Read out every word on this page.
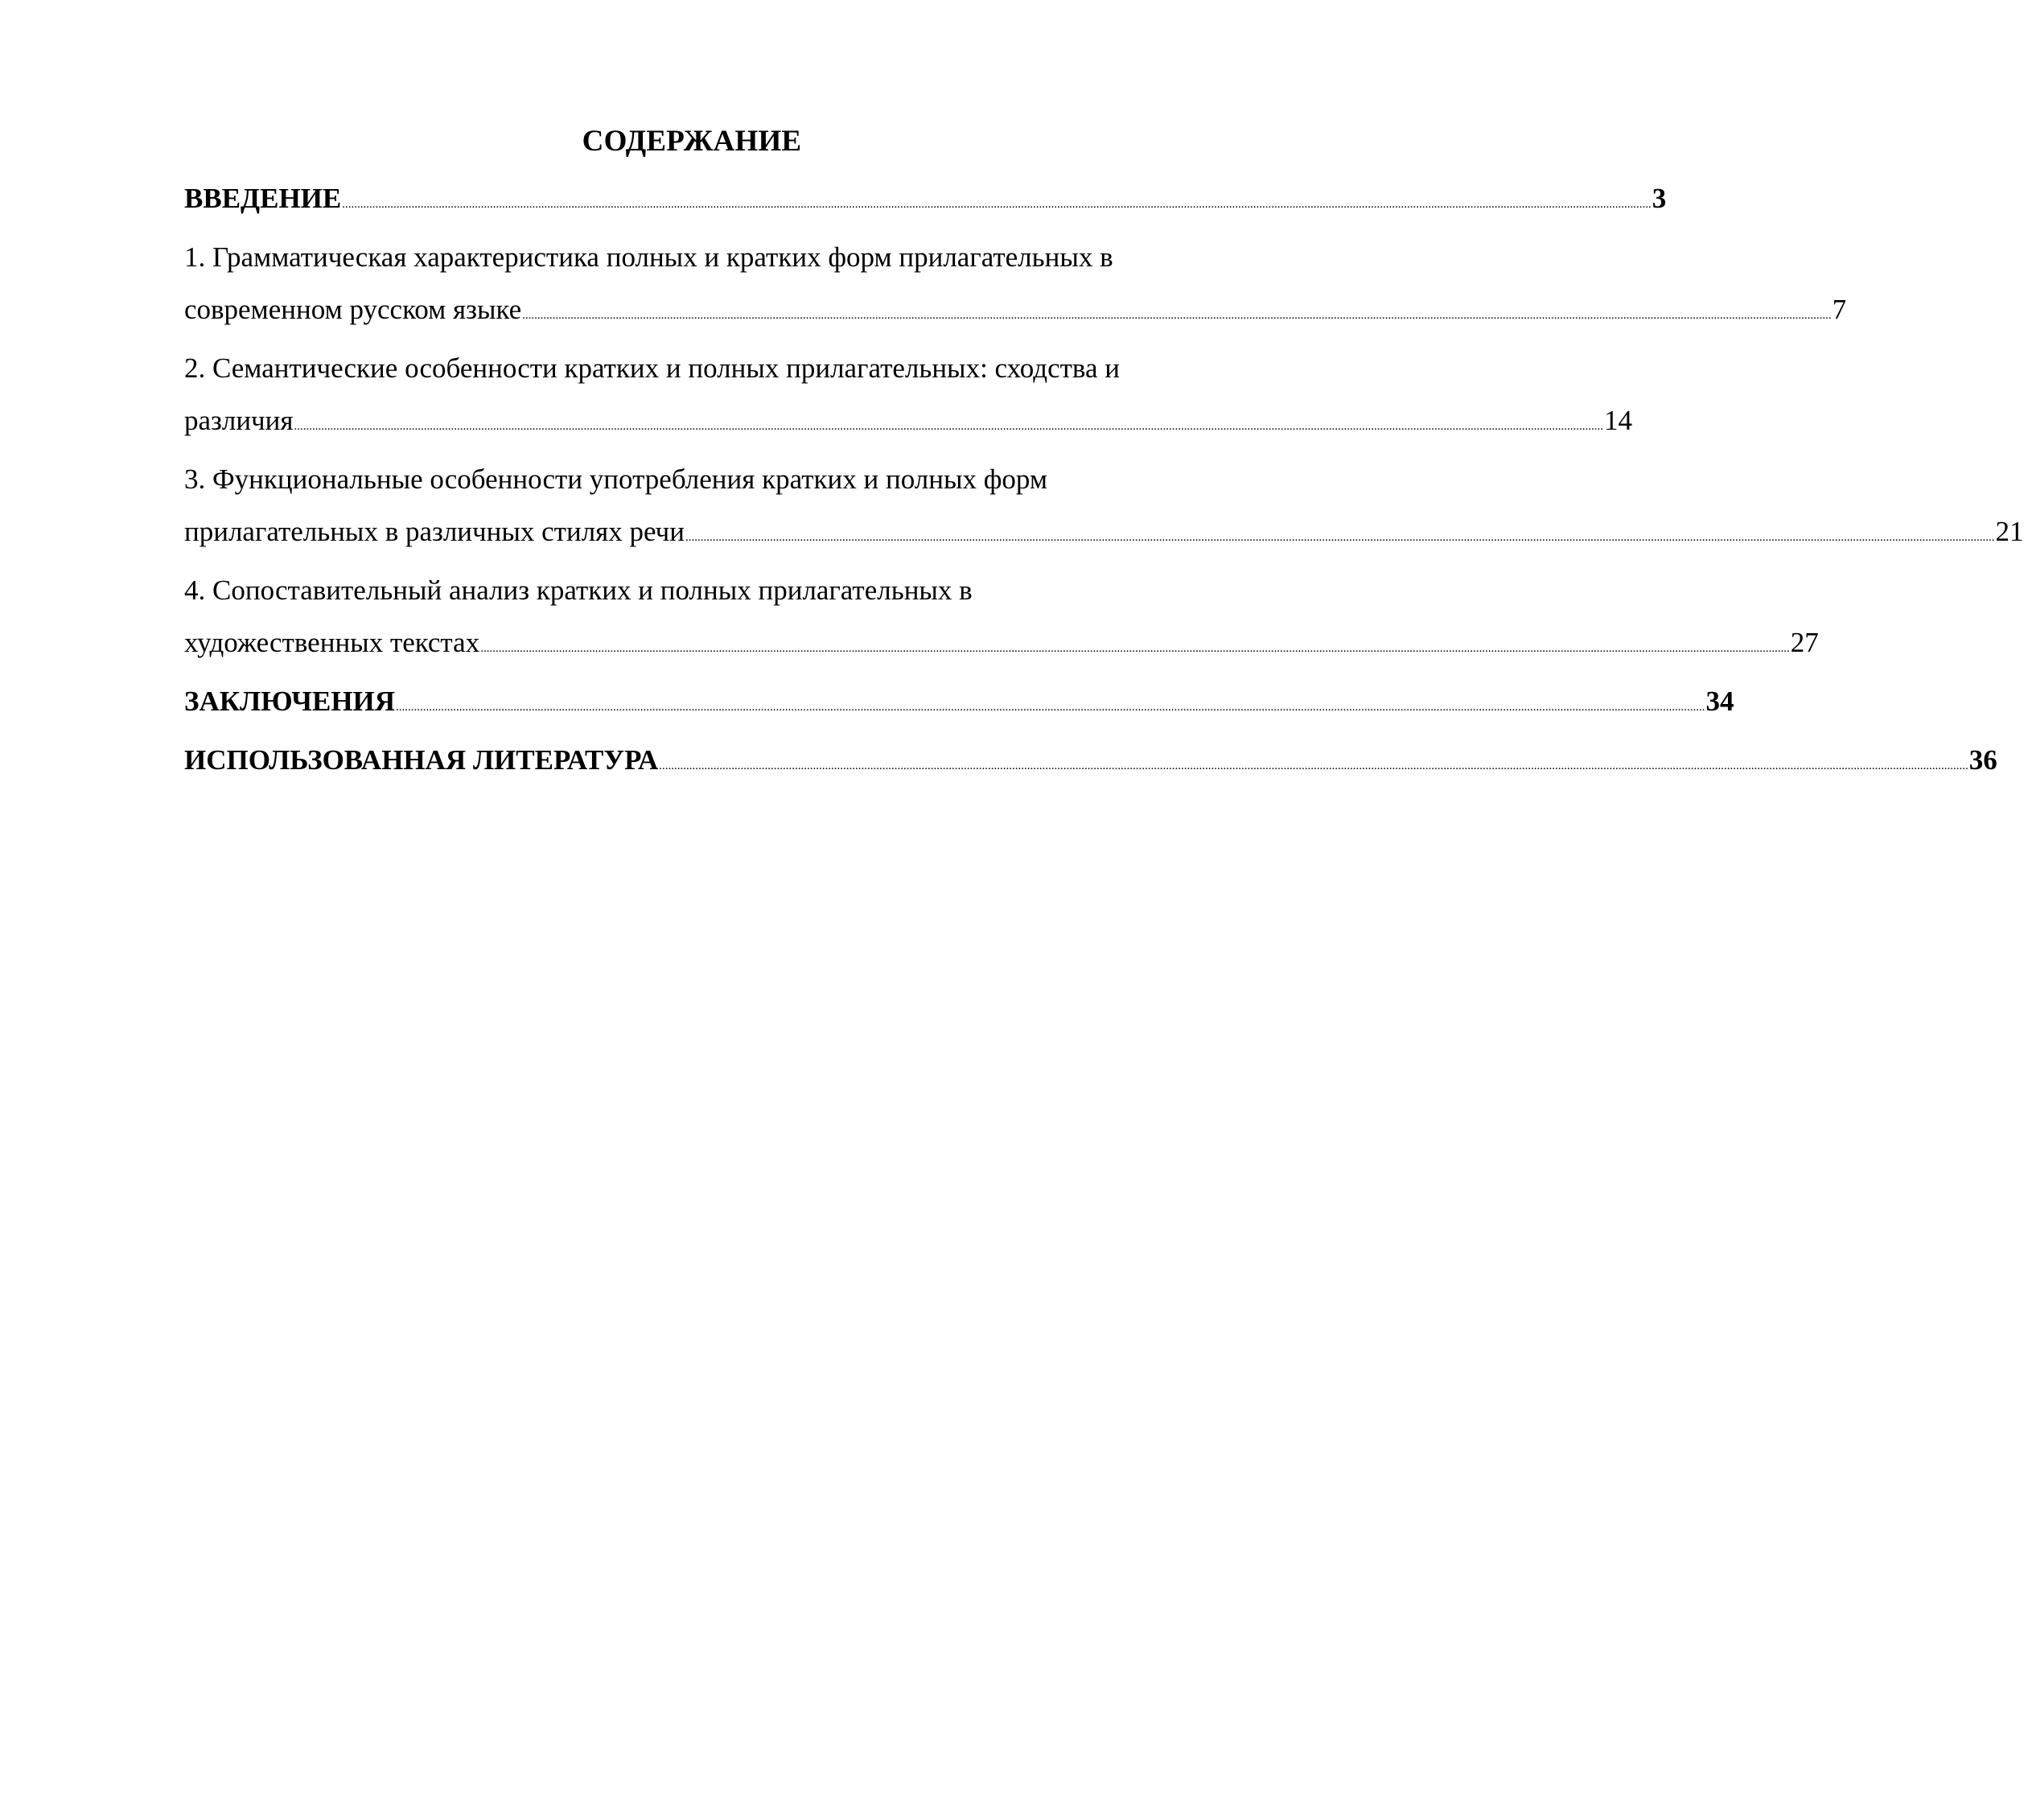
СОДЕРЖАНИЕ
ВВЕДЕНИЕ .................................................................................................................................................................................................................................................................................................................................................................................................................................................. 3
1. Грамматическая характеристика полных и кратких форм прилагательных в
современном русском языке .................................................................................................................................................................................................................................................................................................................................................................................................................................................. 7
2. Семантические особенности кратких и полных прилагательных: сходства и
различия .................................................................................................................................................................................................................................................................................................................................................................................................................................................. 14
3. Функциональные особенности употребления кратких и полных форм
прилагательных в различных стилях речи .................................................................................................................................................................................................................................................................................................................................................................................................................................................. 21
4. Сопоставительный анализ кратких и полных прилагательных в
художественных текстах .................................................................................................................................................................................................................................................................................................................................................................................................................................................. 27
ЗАКЛЮЧЕНИЯ .................................................................................................................................................................................................................................................................................................................................................................................................................................................. 34
ИСПОЛЬЗОВАННАЯ ЛИТЕРАТУРА .................................................................................................................................................................................................................................................................................................................................................................................................................................................. 36
